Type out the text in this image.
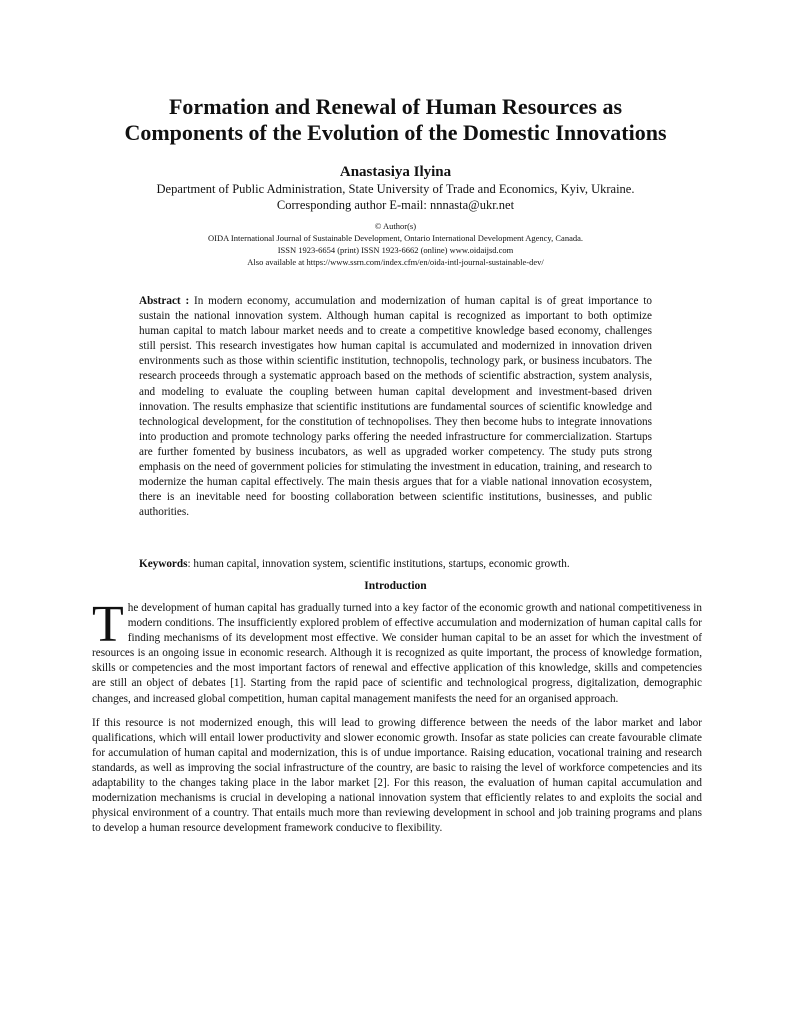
Formation and Renewal of Human Resources as
Components of the Evolution of the Domestic Innovations
Anastasiya Ilyina
Department of Public Administration, State University of Trade and Economics, Kyiv, Ukraine.
Corresponding author E-mail: nnnasta@ukr.net
© Author(s)
OIDA International Journal of Sustainable Development, Ontario International Development Agency, Canada.
ISSN 1923-6654 (print) ISSN 1923-6662 (online) www.oidaijsd.com
Also available at https://www.ssrn.com/index.cfm/en/oida-intl-journal-sustainable-dev/
Abstract : In modern economy, accumulation and modernization of human capital is of great importance to sustain the national innovation system. Although human capital is recognized as important to both optimize human capital to match labour market needs and to create a competitive knowledge based economy, challenges still persist. This research investigates how human capital is accumulated and modernized in innovation driven environments such as those within scientific institution, technopolis, technology park, or business incubators. The research proceeds through a systematic approach based on the methods of scientific abstraction, system analysis, and modeling to evaluate the coupling between human capital development and investment-based driven innovation. The results emphasize that scientific institutions are fundamental sources of scientific knowledge and technological development, for the constitution of technopolises. They then become hubs to integrate innovations into production and promote technology parks offering the needed infrastructure for commercialization. Startups are further fomented by business incubators, as well as upgraded worker competency. The study puts strong emphasis on the need of government policies for stimulating the investment in education, training, and research to modernize the human capital effectively. The main thesis argues that for a viable national innovation ecosystem, there is an inevitable need for boosting collaboration between scientific institutions, businesses, and public authorities.
Keywords: human capital, innovation system, scientific institutions, startups, economic growth.
Introduction

The development of human capital has gradually turned into a key factor of the economic growth and national competitiveness in modern conditions. The insufficiently explored problem of effective accumulation and modernization of human capital calls for finding mechanisms of its development most effective. We consider human capital to be an asset for which the investment of resources is an ongoing issue in economic research. Although it is recognized as quite important, the process of knowledge formation, skills or competencies and the most important factors of renewal and effective application of this knowledge, skills and competencies are still an object of debates [1]. Starting from the rapid pace of scientific and technological progress, digitalization, demographic changes, and increased global competition, human capital management manifests the need for an organised approach.

If this resource is not modernized enough, this will lead to growing difference between the needs of the labor market and labor qualifications, which will entail lower productivity and slower economic growth. Insofar as state policies can create favourable climate for accumulation of human capital and modernization, this is of undue importance. Raising education, vocational training and research standards, as well as improving the social infrastructure of the country, are basic to raising the level of workforce competencies and its adaptability to the changes taking place in the labor market [2]. For this reason, the evaluation of human capital accumulation and modernization mechanisms is crucial in developing a national innovation system that efficiently relates to and exploits the social and physical environment of a country. That entails much more than reviewing development in school and job training programs and plans to develop a human resource development framework conducive to flexibility.
